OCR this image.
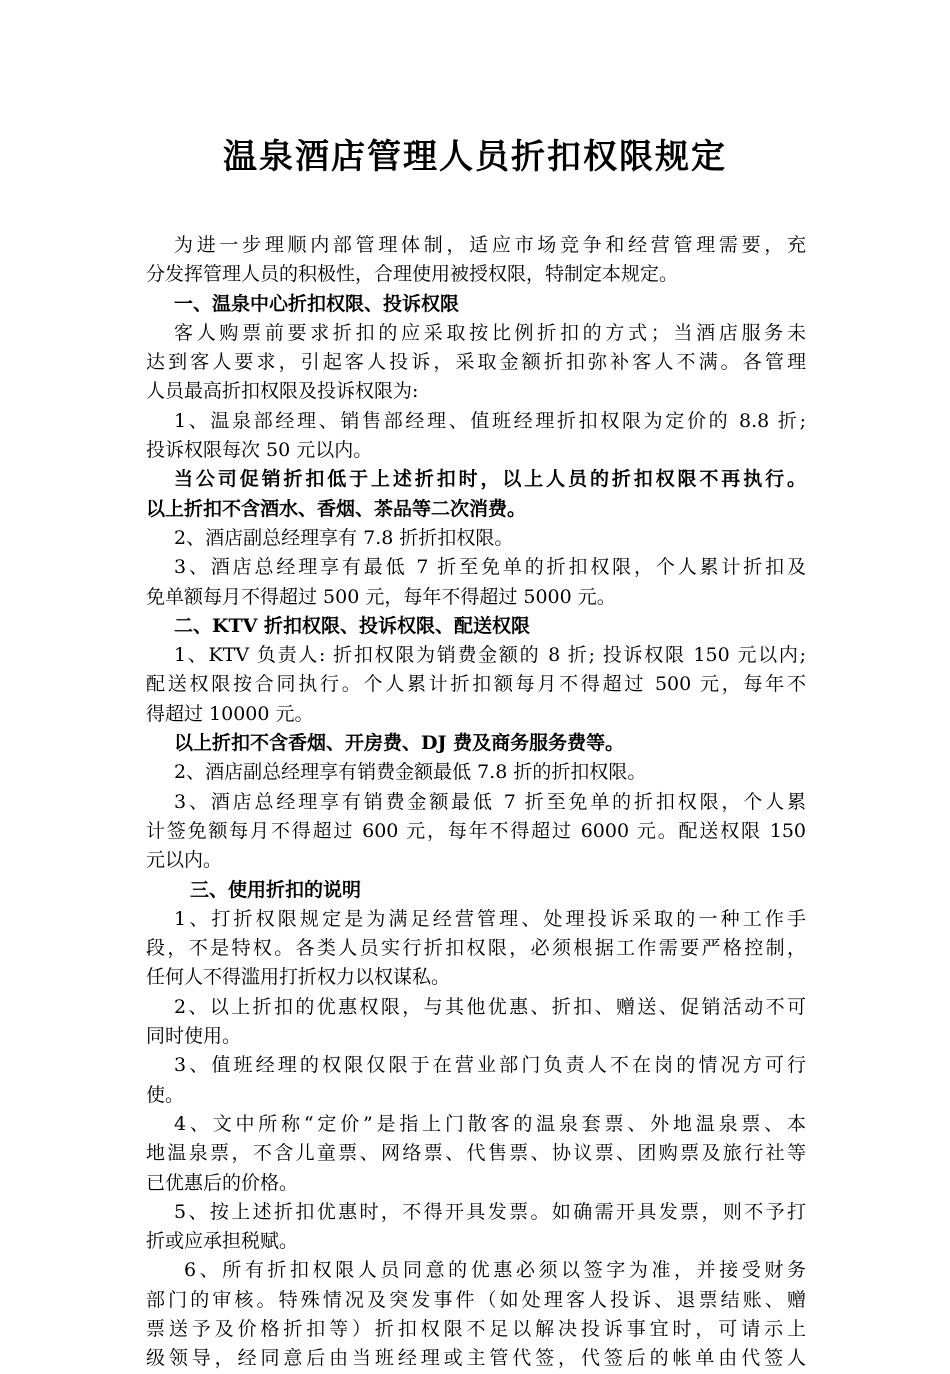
温泉酒店管理人员折扣权限规定
为进一步理顺内部管理体制，适应市场竞争和经营管理需要，充
分发挥管理人员的积极性，合理使用被授权限，特制定本规定。
一、温泉中心折扣权限、投诉权限
客人购票前要求折扣的应采取按比例折扣的方式；当酒店服务未
达到客人要求，引起客人投诉，采取金额折扣弥补客人不满。各管理
人员最高折扣权限及投诉权限为:
1、温泉部经理、销售部经理、值班经理折扣权限为定价的 8.8 折;
投诉权限每次 50 元以内。
当公司促销折扣低于上述折扣时，以上人员的折扣权限不再执行。
以上折扣不含酒水、香烟、茶品等二次消费。
2、酒店副总经理享有 7.8 折折扣权限。
3、酒店总经理享有最低 7 折至免单的折扣权限，个人累计折扣及
免单额每月不得超过 500 元，每年不得超过 5000 元。
二、KTV 折扣权限、投诉权限、配送权限
1、KTV 负责人: 折扣权限为销费金额的 8 折; 投诉权限 150 元以内;
配送权限按合同执行。个人累计折扣额每月不得超过 500 元，每年不
得超过 10000 元。
以上折扣不含香烟、开房费、DJ 费及商务服务费等。
2、酒店副总经理享有销费金额最低 7.8 折的折扣权限。
3、酒店总经理享有销费金额最低 7 折至免单的折扣权限，个人累
计签免额每月不得超过 600 元，每年不得超过 6000 元。配送权限 150
元以内。
三、使用折扣的说明
1、打折权限规定是为满足经营管理、处理投诉采取的一种工作手
段，不是特权。各类人员实行折扣权限，必须根据工作需要严格控制，
任何人不得滥用打折权力以权谋私。
2、以上折扣的优惠权限，与其他优惠、折扣、赠送、促销活动不可
同时使用。
3、值班经理的权限仅限于在营业部门负责人不在岗的情况方可行
使。
4、文中所称“定价”是指上门散客的温泉套票、外地温泉票、本
地温泉票，不含儿童票、网络票、代售票、协议票、团购票及旅行社等
已优惠后的价格。
5、按上述折扣优惠时，不得开具发票。如确需开具发票，则不予打
折或应承担税赋。
6、所有折扣权限人员同意的优惠必须以签字为准，并接受财务
部门的审核。特殊情况及突发事件（如处理客人投诉、退票结账、赠
票送予及价格折扣等）折扣权限不足以解决投诉事宜时，可请示上
级领导，经同意后由当班经理或主管代签，代签后的帐单由代签人
